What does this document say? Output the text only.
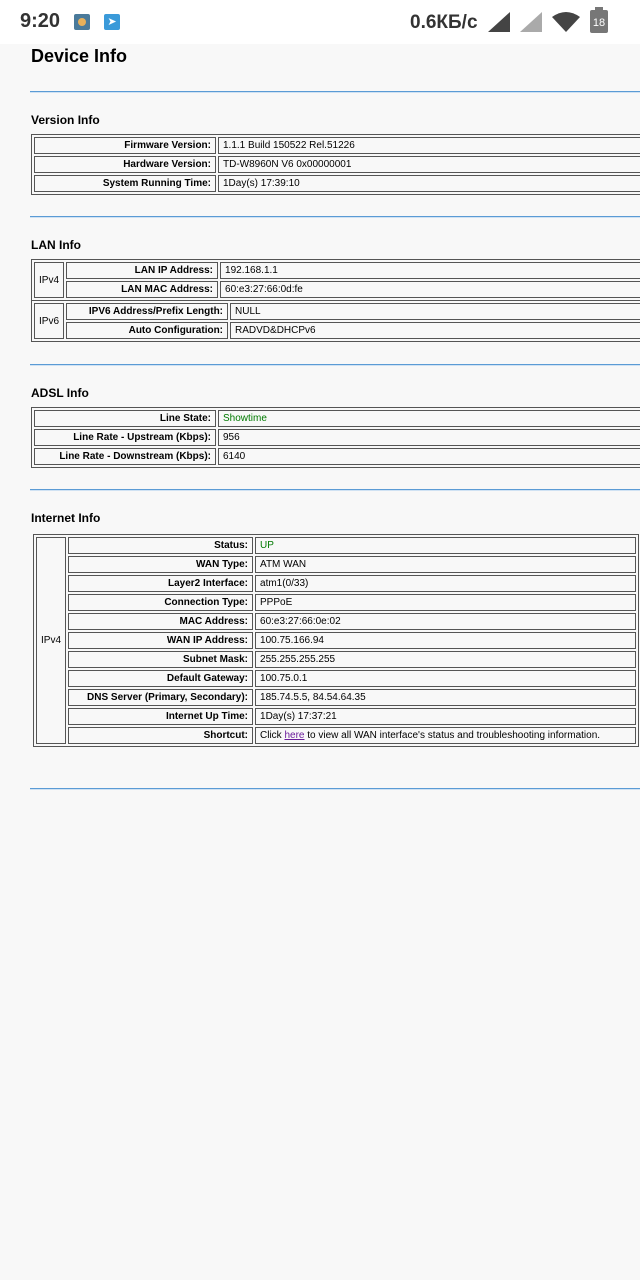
9:20	➤	0.6КБ/с	18
Device Info
Version Info
Firmware Version:	1.1.1 Build 150522 Rel.51226
Hardware Version:	TD-W8960N V6 0x00000001
System Running Time:	1Day(s) 17:39:10
LAN Info
IPv4	LAN IP Address:	192.168.1.1
	LAN MAC Address:	60:e3:27:66:0d:fe
IPv6	IPV6 Address/Prefix Length:	NULL
	Auto Configuration:	RADVD&DHCPv6
ADSL Info
Line State:	Showtime
Line Rate - Upstream (Kbps):	956
Line Rate - Downstream (Kbps):	6140
Internet Info
IPv4	Status:	UP
	WAN Type:	ATM WAN
	Layer2 Interface:	atm1(0/33)
	Connection Type:	PPPoE
	MAC Address:	60:e3:27:66:0e:02
	WAN IP Address:	100.75.166.94
	Subnet Mask:	255.255.255.255
	Default Gateway:	100.75.0.1
	DNS Server (Primary, Secondary):	185.74.5.5, 84.54.64.35
	Internet Up Time:	1Day(s) 17:37:21
	Shortcut:	Click here to view all WAN interface's status and troubleshooting information.
